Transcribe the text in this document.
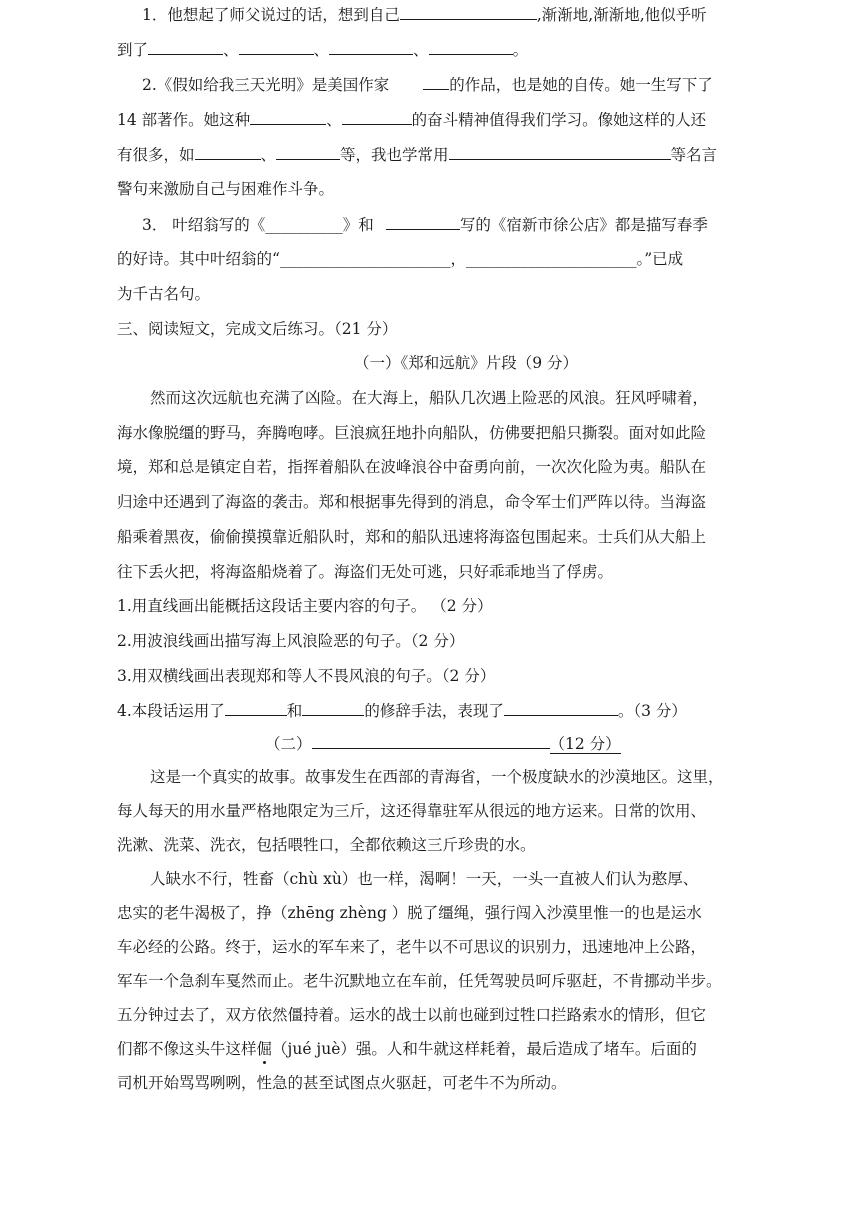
1．他想起了师父说过的话，想到自己	,渐渐地,渐渐地,他似乎听
到了	、	、	、	。
2.《假如给我三天光明》是美国作家	的作品，也是她的自传。她一生写下了
14 部著作。她这种	、	的奋斗精神值得我们学习。像她这样的人还
有很多，如	、	等，我也学常用	等名言
警句来激励自己与困难作斗争。
3． 叶绍翁写的《__________》和	写的《宿新市徐公店》都是描写春季
的好诗。其中叶绍翁的“______________________，______________________。”已成
为千古名句。
三、阅读短文，完成文后练习。（21 分）
（一）《郑和远航》片段（9 分）
然而这次远航也充满了凶险。在大海上，船队几次遇上险恶的风浪。狂风呼啸着，
海水像脱缰的野马，奔腾咆哮。巨浪疯狂地扑向船队，仿佛要把船只撕裂。面对如此险
境，郑和总是镇定自若，指挥着船队在波峰浪谷中奋勇向前，一次次化险为夷。船队在
归途中还遇到了海盗的袭击。郑和根据事先得到的消息，命令军士们严阵以待。当海盗
船乘着黑夜，偷偷摸摸靠近船队时，郑和的船队迅速将海盗包围起来。士兵们从大船上
往下丢火把，将海盗船烧着了。海盗们无处可逃，只好乖乖地当了俘虏。
1.用直线画出能概括这段话主要内容的句子。 （2 分）
2.用波浪线画出描写海上风浪险恶的句子。（2 分）
3.用双横线画出表现郑和等人不畏风浪的句子。（2 分）
4.本段话运用了	和	的修辞手法，表现了	。（3 分）
（二）	（12 分）
这是一个真实的故事。故事发生在西部的青海省，一个极度缺水的沙漠地区。这里，
每人每天的用水量严格地限定为三斤，这还得靠驻军从很远的地方运来。日常的饮用、
洗漱、洗菜、洗衣，包括喂牲口，全都依赖这三斤珍贵的水。
人缺水不行，牲畜（chù xù）也一样，渴啊！一天，一头一直被人们认为憨厚、
忠实的老牛渴极了，挣（zhēng zhèng ）脱了缰绳，强行闯入沙漠里惟一的也是运水
车必经的公路。终于，运水的军车来了，老牛以不可思议的识别力，迅速地冲上公路，
军车一个急刹车戛然而止。老牛沉默地立在车前，任凭驾驶员呵斥驱赶，不肯挪动半步。
五分钟过去了，双方依然僵持着。运水的战士以前也碰到过牲口拦路索水的情形，但它
们都不像这头牛这样倔（jué juè）强。人和牛就这样耗着，最后造成了堵车。后面的
司机开始骂骂咧咧，性急的甚至试图点火驱赶，可老牛不为所动。
